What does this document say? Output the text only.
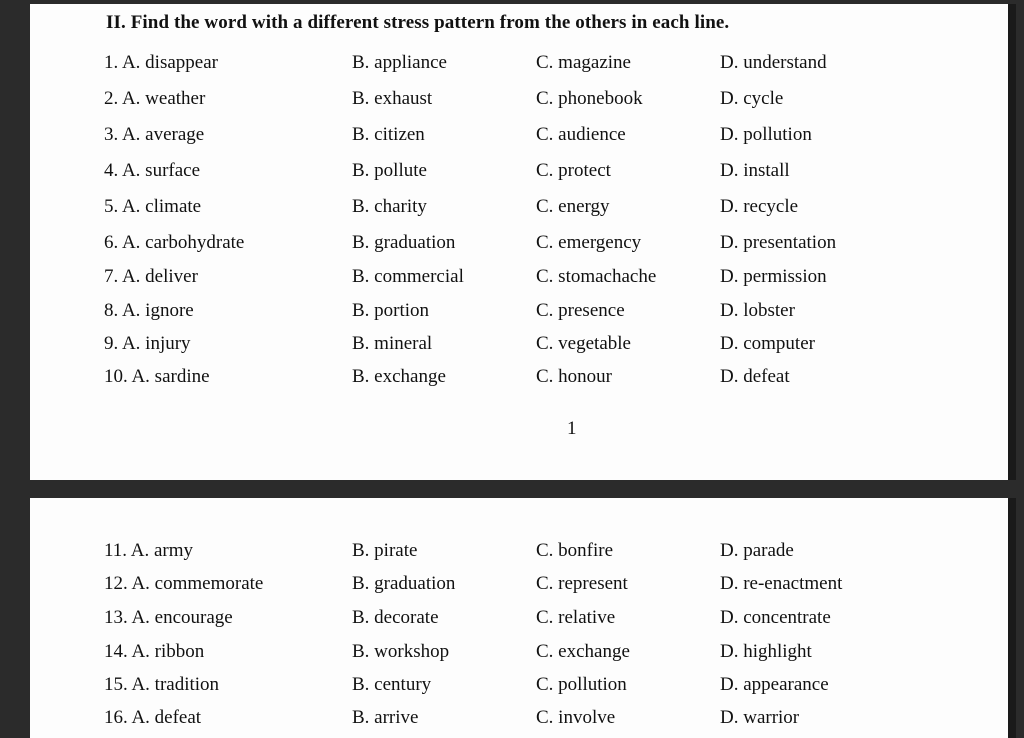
II. Find the word with a different stress pattern from the others in each line.
1. A. disappear	B. appliance	C. magazine	D. understand
2. A. weather	B. exhaust	C. phonebook	D. cycle
3. A. average	B. citizen	C. audience	D. pollution
4. A. surface	B. pollute	C. protect	D. install
5. A. climate	B. charity	C. energy	D. recycle
6. A. carbohydrate	B. graduation	C. emergency	D. presentation
7. A. deliver	B. commercial	C. stomachache	D. permission
8. A. ignore	B. portion	C. presence	D. lobster
9. A. injury	B. mineral	C. vegetable	D. computer
10. A. sardine	B. exchange	C. honour	D. defeat
1
11. A. army	B. pirate	C. bonfire	D. parade
12. A. commemorate	B. graduation	C. represent	D. re-enactment
13. A. encourage	B. decorate	C. relative	D. concentrate
14. A. ribbon	B. workshop	C. exchange	D. highlight
15. A. tradition	B. century	C. pollution	D. appearance
16. A. defeat	B. arrive	C. involve	D. warrior
